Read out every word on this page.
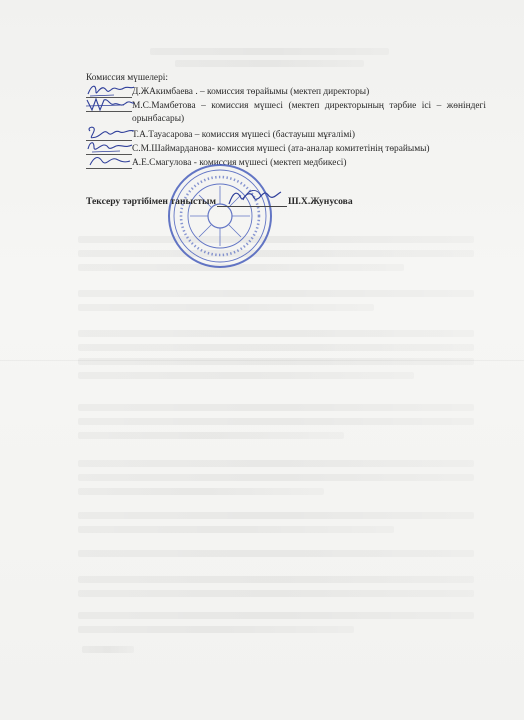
Комиссия мүшелері:
Д.ЖАкимбаева . – комиссия төрайымы (мектеп директоры)
М.С.Мамбетова – комиссия мүшесі (мектеп директорының тәрбие ісі – жөніндегі орынбасары)
Т.А.Тауасарова – комиссия мүшесі (бастауыш мұғалімі)
С.М.Шаймарданова- комиссия мүшесі (ата-аналар комитетінің төрайымы)
А.Е.Смагулова - комиссия мүшесі (мектеп медбикесі)
Тексеру тәртібімен таныстым	Ш.Х.Жунусова
